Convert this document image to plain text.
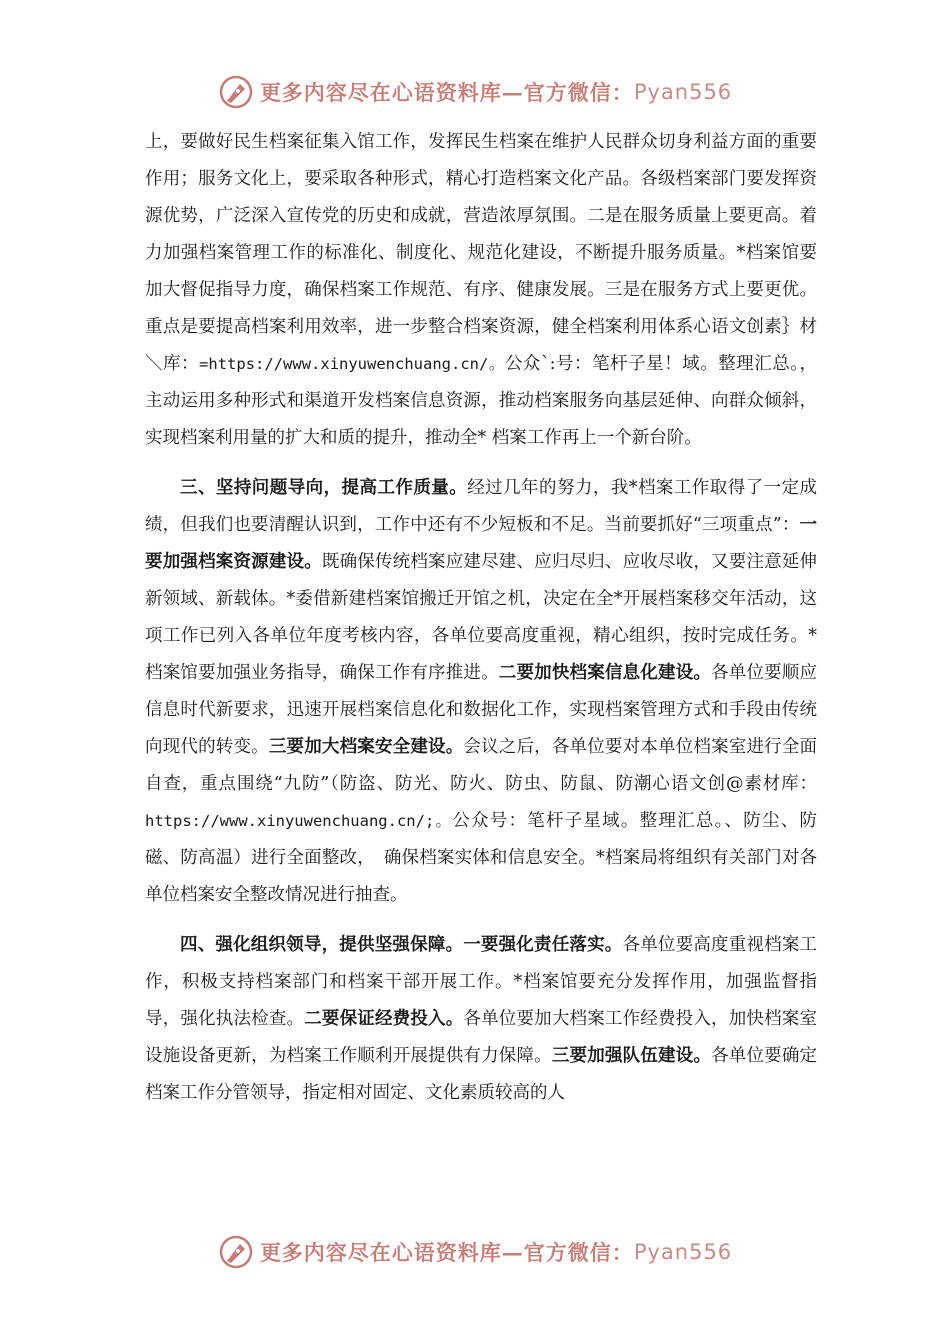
更多内容尽在心语资料库—官方微信： Pyan556

上，要做好民生档案征集入馆工作，发挥民生档案在维护人民群众切身利益方面的重要作用；服务文化上，要采取各种形式，精心打造档案文化产品。各级档案部门要发挥资源优势，广泛深入宣传党的历史和成就，营造浓厚氛围。二是在服务质量上要更高。着力加强档案管理工作的标准化、制度化、规范化建设，不断提升服务质量。*档案馆要加大督促指导力度，确保档案工作规范、有序、健康发展。三是在服务方式上要更优。重点是要提高档案利用效率，进一步整合档案资源，健全档案利用体系心语文创素｝材＼库：=https://www.xinyuwenchuang.cn/。公众`:号：笔杆子星！域。整理汇总。，主动运用多种形式和渠道开发档案信息资源，推动档案服务向基层延伸、向群众倾斜，实现档案利用量的扩大和质的提升，推动全* 档案工作再上一个新台阶。

三、坚持问题导向，提高工作质量。经过几年的努力，我*档案工作取得了一定成绩，但我们也要清醒认识到，工作中还有不少短板和不足。当前要抓好“三项重点”：一要加强档案资源建设。既确保传统档案应建尽建、应归尽归、应收尽收，又要注意延伸新领域、新载体。*委借新建档案馆搬迁开馆之机，决定在全*开展档案移交年活动，这项工作已列入各单位年度考核内容，各单位要高度重视，精心组织，按时完成任务。*档案馆要加强业务指导，确保工作有序推进。二要加快档案信息化建设。各单位要顺应信息时代新要求，迅速开展档案信息化和数据化工作，实现档案管理方式和手段由传统向现代的转变。三要加大档案安全建设。会议之后，各单位要对本单位档案室进行全面自查，重点围绕“九防”（防盗、防光、防火、防虫、防鼠、防潮心语文创@素材库：https://www.xinyuwenchuang.cn/;。公众号：笔杆子星域。整理汇总。、防尘、防磁、防高温）进行全面整改，　确保档案实体和信息安全。*档案局将组织有关部门对各单位档案安全整改情况进行抽查。

四、强化组织领导，提供坚强保障。一要强化责任落实。各单位要高度重视档案工作，积极支持档案部门和档案干部开展工作。*档案馆要充分发挥作用，加强监督指导，强化执法检查。二要保证经费投入。各单位要加大档案工作经费投入，加快档案室设施设备更新，为档案工作顺利开展提供有力保障。三要加强队伍建设。各单位要确定档案工作分管领导，指定相对固定、文化素质较高的人

更多内容尽在心语资料库—官方微信： Pyan556
